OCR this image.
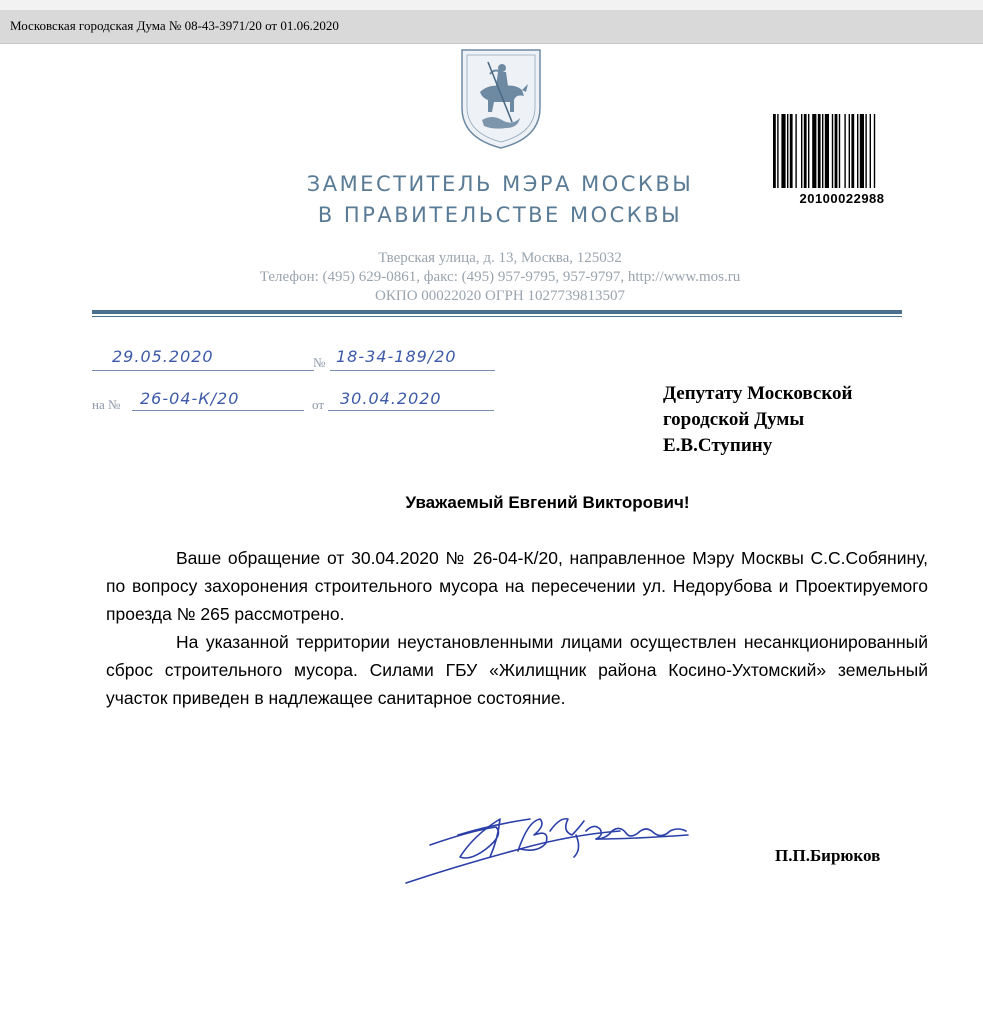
Московская городская Дума № 08-43-3971/20 от 01.06.2020
20100022988
ЗАМЕСТИТЕЛЬ МЭРА МОСКВЫ
В ПРАВИТЕЛЬСТВЕ МОСКВЫ
Тверская улица, д. 13, Москва, 125032
Телефон: (495) 629-0861, факс: (495) 957-9795, 957-9797, http://www.mos.ru
ОКПО 00022020 ОГРН 1027739813507
29.05.2020	№ 18-34-189/20
на № 26-04-К/20	от 30.04.2020	Депутату Московской
городской Думы
Е.В.Ступину
Уважаемый Евгений Викторович!

Ваше обращение от 30.04.2020 № 26-04-К/20, направленное Мэру Москвы С.С.Собянину, по вопросу захоронения строительного мусора на пересечении ул. Недорубова и Проектируемого проезда № 265 рассмотрено.

На указанной территории неустановленными лицами осуществлен несанкционированный сброс строительного мусора. Силами ГБУ «Жилищник района Косино-Ухтомский» земельный участок приведен в надлежащее санитарное состояние.

П.П.Бирюков
